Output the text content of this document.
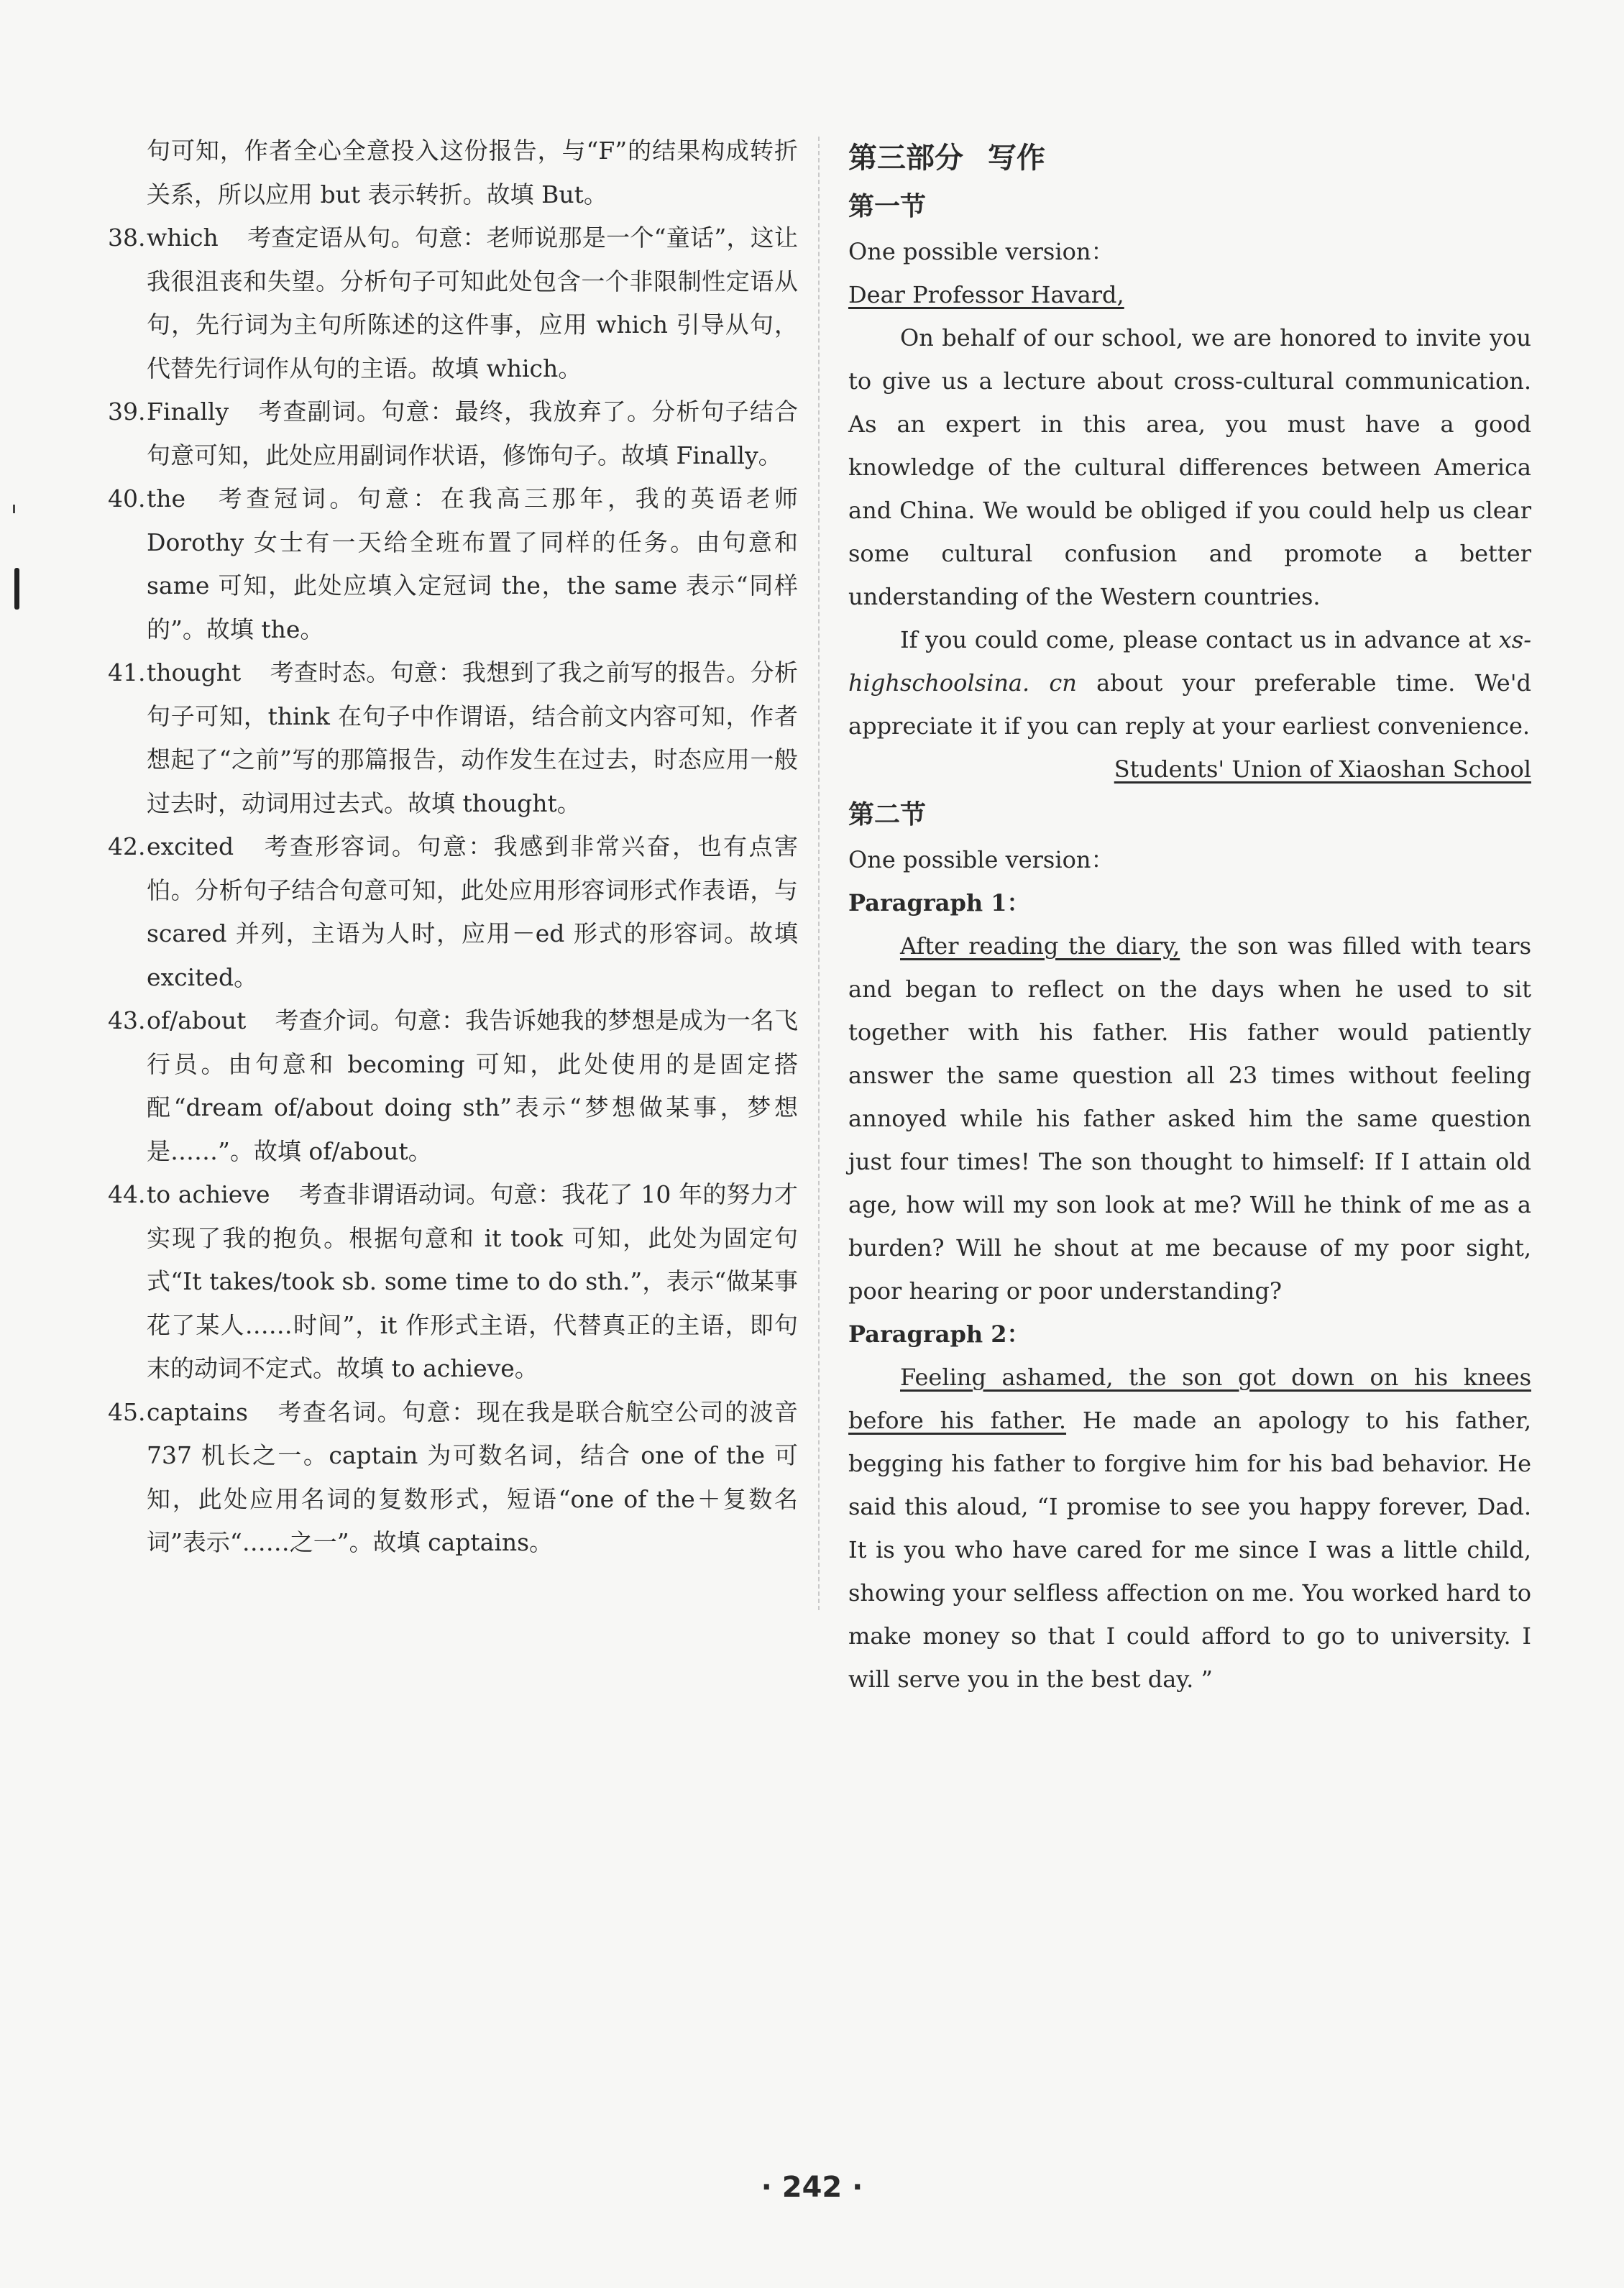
句可知，作者全心全意投入这份报告，与“F”的结果构成转折关系，所以应用 but 表示转折。故填 But。
38. which 考查定语从句。句意：老师说那是一个“童话”，这让我很沮丧和失望。分析句子可知此处包含一个非限制性定语从句，先行词为主句所陈述的这件事，应用 which 引导从句，代替先行词作从句的主语。故填 which。
39. Finally 考查副词。句意：最终，我放弃了。分析句子结合句意可知，此处应用副词作状语，修饰句子。故填 Finally。
40. the 考查冠词。句意：在我高三那年，我的英语老师 Dorothy 女士有一天给全班布置了同样的任务。由句意和 same 可知，此处应填入定冠词 the，the same 表示“同样的”。故填 the。
41. thought 考查时态。句意：我想到了我之前写的报告。分析句子可知，think 在句子中作谓语，结合前文内容可知，作者想起了“之前”写的那篇报告，动作发生在过去，时态应用一般过去时，动词用过去式。故填 thought。
42. excited 考查形容词。句意：我感到非常兴奋，也有点害怕。分析句子结合句意可知，此处应用形容词形式作表语，与 scared 并列，主语为人时，应用－ed 形式的形容词。故填 excited。
43. of/about 考查介词。句意：我告诉她我的梦想是成为一名飞行员。由句意和 becoming 可知，此处使用的是固定搭配“dream of/about doing sth”表示“梦想做某事，梦想是……”。故填 of/about。
44. to achieve 考查非谓语动词。句意：我花了 10 年的努力才实现了我的抱负。根据句意和 it took 可知，此处为固定句式“It takes/took sb. some time to do sth.”，表示“做某事花了某人……时间”，it 作形式主语，代替真正的主语，即句末的动词不定式。故填 to achieve。
45. captains 考查名词。句意：现在我是联合航空公司的波音 737 机长之一。captain 为可数名词，结合 one of the 可知，此处应用名词的复数形式，短语“one of the＋复数名词”表示“……之一”。故填 captains。
第三部分 写作
第一节

One possible version：

Dear Professor Havard,

On behalf of our school, we are honored to invite you to give us a lecture about cross-cultural communication. As an expert in this area, you must have a good knowledge of the cultural differences between America and China. We would be obliged if you could help us clear some cultural confusion and promote a better understanding of the Western countries.

If you could come, please contact us in advance at xs-highschoolsina. cn about your preferable time. We'd appreciate it if you can reply at your earliest convenience.

Students' Union of Xiaoshan School

第二节

One possible version：

Paragraph 1：

After reading the diary, the son was filled with tears and began to reflect on the days when he used to sit together with his father. His father would patiently answer the same question all 23 times without feeling annoyed while his father asked him the same question just four times! The son thought to himself: If I attain old age, how will my son look at me? Will he think of me as a burden? Will he shout at me because of my poor sight, poor hearing or poor understanding?

Paragraph 2：

Feeling ashamed, the son got down on his knees before his father. He made an apology to his father, begging his father to forgive him for his bad behavior. He said this aloud, “I promise to see you happy forever, Dad. It is you who have cared for me since I was a little child, showing your selfless affection on me. You worked hard to make money so that I could afford to go to university. I will serve you in the best day. ”

· 242 ·
